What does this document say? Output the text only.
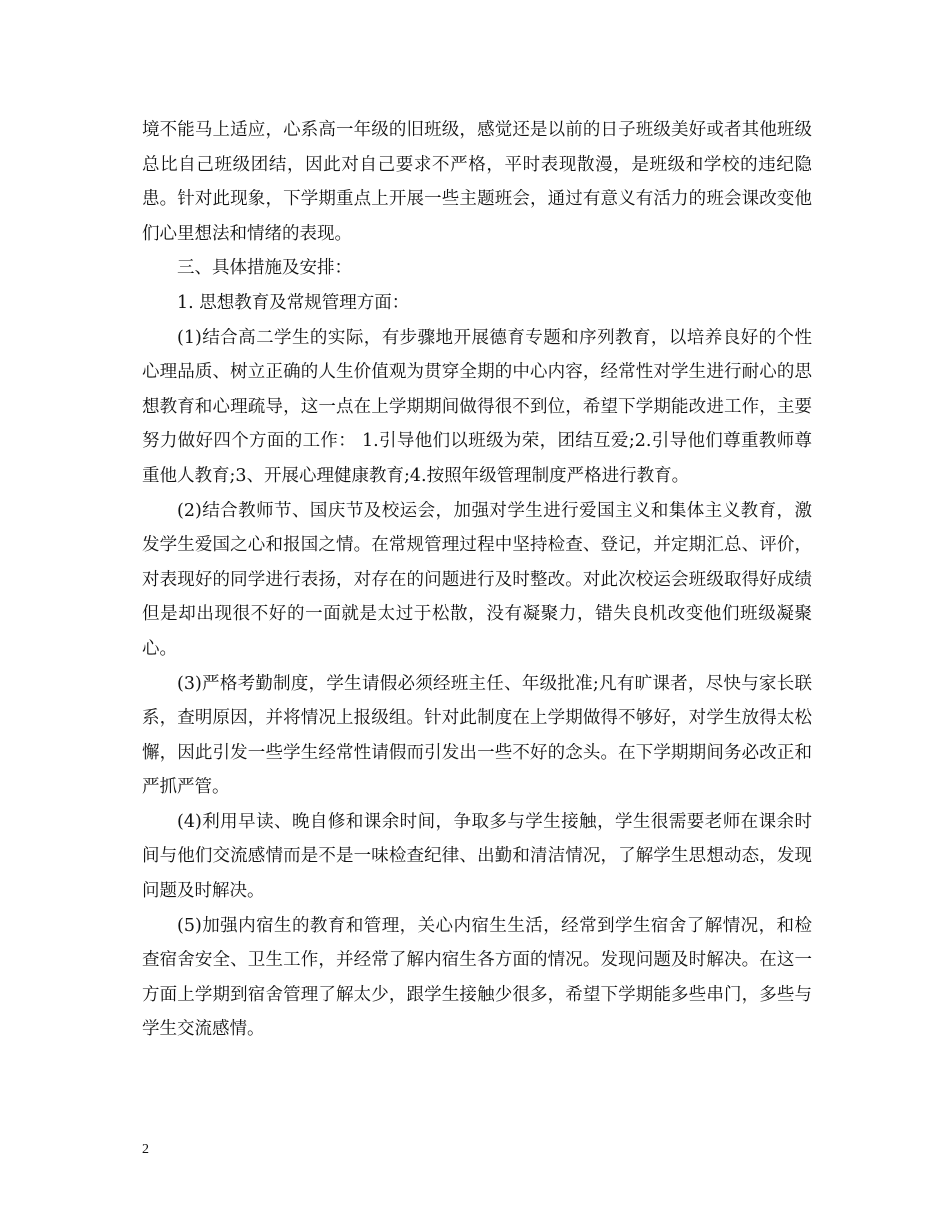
境不能马上适应，心系高一年级的旧班级，感觉还是以前的日子班级美好或者其他班级总比自己班级团结，因此对自己要求不严格，平时表现散漫，是班级和学校的违纪隐患。针对此现象，下学期重点上开展一些主题班会，通过有意义有活力的班会课改变他们心里想法和情绪的表现。

三、具体措施及安排：

1. 思想教育及常规管理方面：

(1)结合高二学生的实际，有步骤地开展德育专题和序列教育，以培养良好的个性心理品质、树立正确的人生价值观为贯穿全期的中心内容，经常性对学生进行耐心的思想教育和心理疏导，这一点在上学期期间做得很不到位，希望下学期能改进工作，主要努力做好四个方面的工作： 1.引导他们以班级为荣，团结互爱;2.引导他们尊重教师尊重他人教育;3、开展心理健康教育;4.按照年级管理制度严格进行教育。

(2)结合教师节、国庆节及校运会，加强对学生进行爱国主义和集体主义教育，激发学生爱国之心和报国之情。在常规管理过程中坚持检查、登记，并定期汇总、评价，对表现好的同学进行表扬，对存在的问题进行及时整改。对此次校运会班级取得好成绩但是却出现很不好的一面就是太过于松散，没有凝聚力，错失良机改变他们班级凝聚心。

(3)严格考勤制度，学生请假必须经班主任、年级批准;凡有旷课者，尽快与家长联系，查明原因，并将情况上报级组。针对此制度在上学期做得不够好，对学生放得太松懈，因此引发一些学生经常性请假而引发出一些不好的念头。在下学期期间务必改正和严抓严管。

(4)利用早读、晚自修和课余时间，争取多与学生接触，学生很需要老师在课余时间与他们交流感情而是不是一味检查纪律、出勤和清洁情况，了解学生思想动态，发现问题及时解决。

(5)加强内宿生的教育和管理，关心内宿生生活，经常到学生宿舍了解情况，和检查宿舍安全、卫生工作，并经常了解内宿生各方面的情况。发现问题及时解决。在这一方面上学期到宿舍管理了解太少，跟学生接触少很多，希望下学期能多些串门，多些与学生交流感情。

2
